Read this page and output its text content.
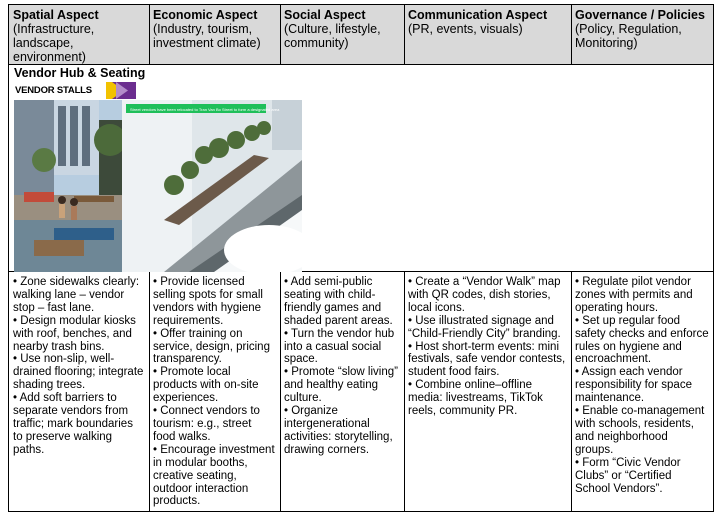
Spatial Aspect
(Infrastructure, landscape, environment)
Economic Aspect
(Industry, tourism, investment climate)
Social Aspect
(Culture, lifestyle, community)
Communication Aspect
(PR, events, visuals)
Governance / Policies
(Policy, Regulation, Monitoring)
Vendor Hub & Seating
VENDOR STALLS
Street vendors have been relocated to Tran Van Bo Street to form a designated area
• Zone sidewalks clearly: walking lane – vendor stop – fast lane.
• Design modular kiosks with roof, benches, and nearby trash bins.
• Use non-slip, well-drained flooring; integrate shading trees.
• Add soft barriers to separate vendors from traffic; mark boundaries to preserve walking paths.
• Provide licensed selling spots for small vendors with hygiene requirements.
• Offer training on service, design, pricing transparency.
• Promote local products with on-site experiences.
• Connect vendors to tourism: e.g., street food walks.
• Encourage investment in modular booths, creative seating, outdoor interaction products.
• Add semi-public seating with child-friendly games and shaded parent areas.
• Turn the vendor hub into a casual social space.
• Promote “slow living” and healthy eating culture.
• Organize intergenerational activities: storytelling, drawing corners.
• Create a “Vendor Walk” map with QR codes, dish stories, local icons.
• Use illustrated signage and “Child-Friendly City” branding.
• Host short-term events: mini festivals, safe vendor contests, student food fairs.
• Combine online–offline media: livestreams, TikTok reels, community PR.
• Regulate pilot vendor zones with permits and operating hours.
• Set up regular food safety checks and enforce rules on hygiene and encroachment.
• Assign each vendor responsibility for space maintenance.
• Enable co-management with schools, residents, and neighborhood groups.
• Form “Civic Vendor Clubs” or “Certified School Vendors”.
